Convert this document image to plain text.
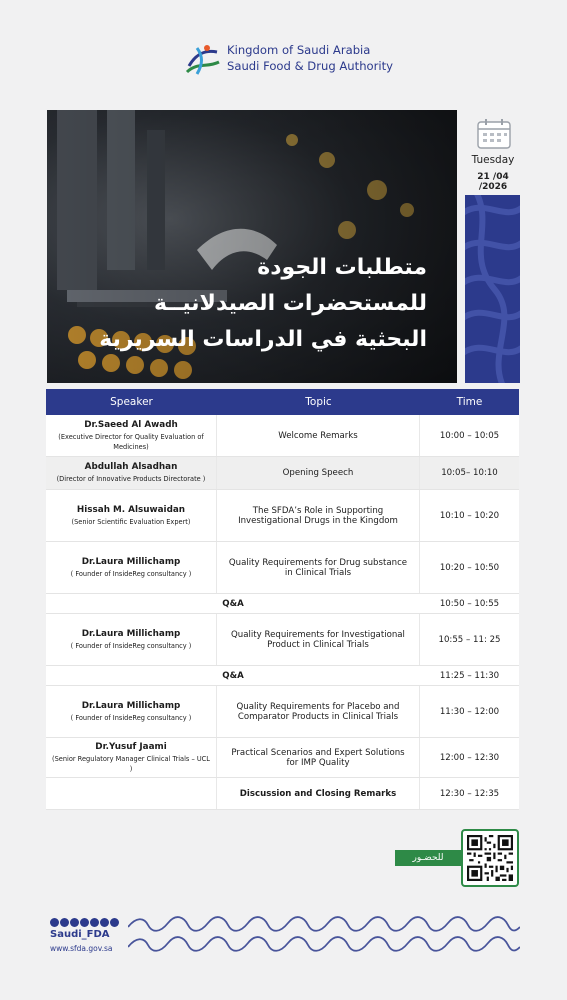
Kingdom of Saudi Arabia
Saudi Food & Drug Authority
متطلبات الجودة
للمستحضرات الصيدلانيــة
البحثية في الدراسات السريرية
Tuesday
21 /04 /2026
Speaker	Topic	Time
Dr.Saeed Al Awadh
(Executive Director for Quality Evaluation of Medicines)
Welcome Remarks	10:00 – 10:05
Abdullah Alsadhan
(Director of Innovative Products Directorate )
Opening Speech	10:05– 10:10
Hissah M. Alsuwaidan
(Senior Scientific Evaluation Expert)
The SFDA’s Role in Supporting Investigational Drugs in the Kingdom	10:10 – 10:20
Dr.Laura Millichamp
( Founder of InsideReg consultancy )
Quality Requirements for Drug substance in Clinical Trials	10:20 – 10:50
Q&A	10:50 – 10:55
Dr.Laura Millichamp
( Founder of InsideReg consultancy )
Quality Requirements for Investigational Product in Clinical Trials	10:55 – 11: 25
Q&A	11:25 – 11:30
Dr.Laura Millichamp
( Founder of InsideReg consultancy )
Quality Requirements for Placebo and Comparator Products in Clinical Trials	11:30 – 12:00
Dr.Yusuf Jaami
(Senior Regulatory Manager Clinical Trials – UCL )
Practical Scenarios and Expert Solutions for IMP Quality	12:00 – 12:30
Discussion and Closing Remarks	12:30 – 12:35
للحضـور
Saudi_FDA
www.sfda.gov.sa
